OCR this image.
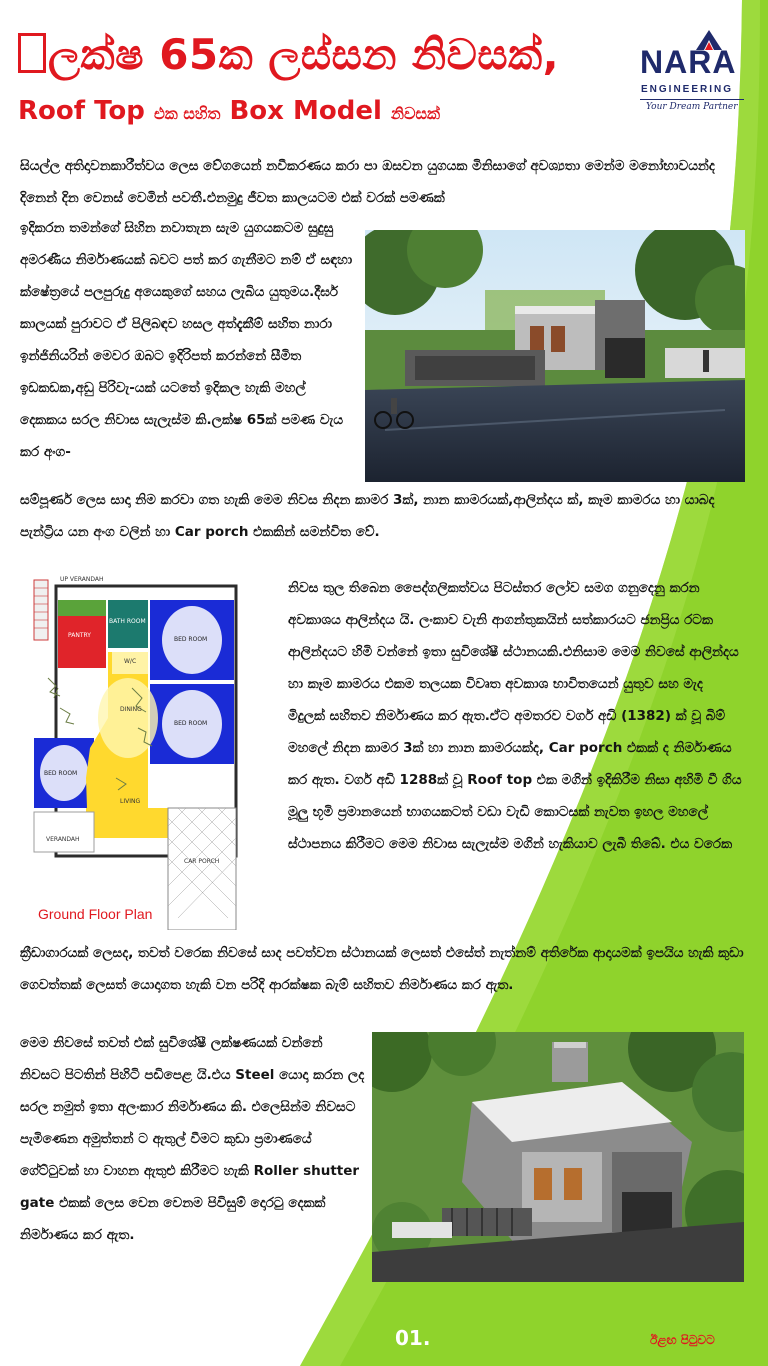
ලක්ෂ 65ක ලස්සන නිවසක්,
Roof Top එක සහිත Box Model නිවසක්
NARA
ENGINEERING
Your Dream Partner
සියල්ල අතිදාවනකාරීත්වය ලෙස වේගයෙන් නවීකරණය කරා පා ඔසවන යුගයක මිනිසාගේ අවශ්‍යතා මෙන්ම මනෝභාවයන්ද දිනෙන් දින වෙනස් වෙමින් පවතී.එනමුදු ජීවත කාලයටම එක් වරක් පමණක්
ඉදිකරන තමන්ගේ සිහින නවාතැන සැම යුගයකටම සුදුසු අමරණීය නිර්මාණයක් බවට පත් කර ගැනීමට නම් ඒ සඳහා ක්ෂේත්‍රයේ පලපුරුදු අයෙකුගේ සහය ලැබිය යුතුමය.දීර්ඝ කාලයක් පුරාවට ඒ පිලිබඳව හසල අත්දැකීම් සහිත නාරා ඉන්ජිනියරින් මෙවර ඔබට ඉදිරිපත් කරන්නේ සීමිත ඉඩකඩක,අඩු පිරිවැ-යක් යටතේ ඉදිකල හැකි මහල් දෙකකය සරල නිවාස සැලැස්ම කි.ලක්ෂ 65ක් පමණ වැය කර අංග-
සම්පූර්ණ ලෙස සාදා නිම කරවා ගත හැකි මෙම නිවස නිදන කාමර 3ක්, නාන කාමරයක්,ආලින්දය ක්, කෑම කාමරය හා යාබද පැන්ට්‍රිය යන අංග වලින් හා Car porch එකකින් සමන්විත වේ.
UP VERANDAH
PANTRY
BATH ROOM
BED ROOM
W/C
DINING
BED ROOM
BED ROOM
LIVING
VERANDAH
CAR PORCH
Ground Floor Plan
නිවස තුල තිබෙන පෛද්ගලිකත්වය පිටස්තර ලෝව සමග ගනුදෙනු කරන අවකාශය ආලින්දය යි. ලංකාව වැනි ආගන්තුකයින් සත්කාරයට ජනප්‍රිය රටක ආලින්දයට හිමි වන්නේ ඉතා සුවිශේෂී ස්ථානයකි.එනිසාම මෙම නිවසේ ආලින්දය හා කෑම කාමරය එකම තලයක විවෘත අවකාශ භාවිතයෙන් යුතුව සහ මැද මිදුලක් සහිතව නිර්මාණය කර ඇත.ඒට අමතරව වර්ග අඩි (1382) ක් වූ බිම් මහලේ නිදන කාමර 3ක් හා නාන කාමරයක්ද, Car porch එකක් ද නිර්මාණය කර ඇත. වර්ග අඩි 1288ක් වූ Roof top එක මගින් ඉදිකිරීම නිසා අහිමි වී ගිය මූලු භූමි ප්‍රමානයෙන් භාගයකටත් වඩා වැඩි කොටසක් නැවත ඉහල මහලේ ස්ථාපනය කිරීමට මෙම නිවාස සැලැස්ම මගින් හැකියාව ලැබී තිබේ. එය වරෙක
ක්‍රීඩාගාරයක් ලෙසද, තවත් වරෙක නිවසේ සාද පවත්වන ස්ථානයක් ලෙසත් එසේත් නැත්නම් අතිරේක ආදායමක් ඉපයිය හැකි කුඩා ගෙවත්තක් ලෙසත් යොදාගත හැකි වන පරිදි ආරක්ෂක බැම් සහිතව නිර්මාණය කර ඇත.
මෙම නිවසේ තවත් එක් සුවිශේෂී ලක්ෂණයක් වන්නේ නිවසට පිටතින් පිහිටි පඩිපෙළ යි.එය Steel යොදා කරන ලද සරල නමුත් ඉතා අලංකාර නිර්මාණය කි. එලෙසින්ම නිවසට පැමිණෙන අමුත්තන් ට ඇතුල් වීමට කුඩා ප්‍රමාණයේ ගේට්ටුවක් හා වාහන ඇතුළු කිරීමට හැකි Roller shutter gate එකක් ලෙස වෙන වෙනම පිවිසුම් දොරටු දෙකක් නිර්මාණය කර ඇත.
01.	ඊළඟ පිටුවට
